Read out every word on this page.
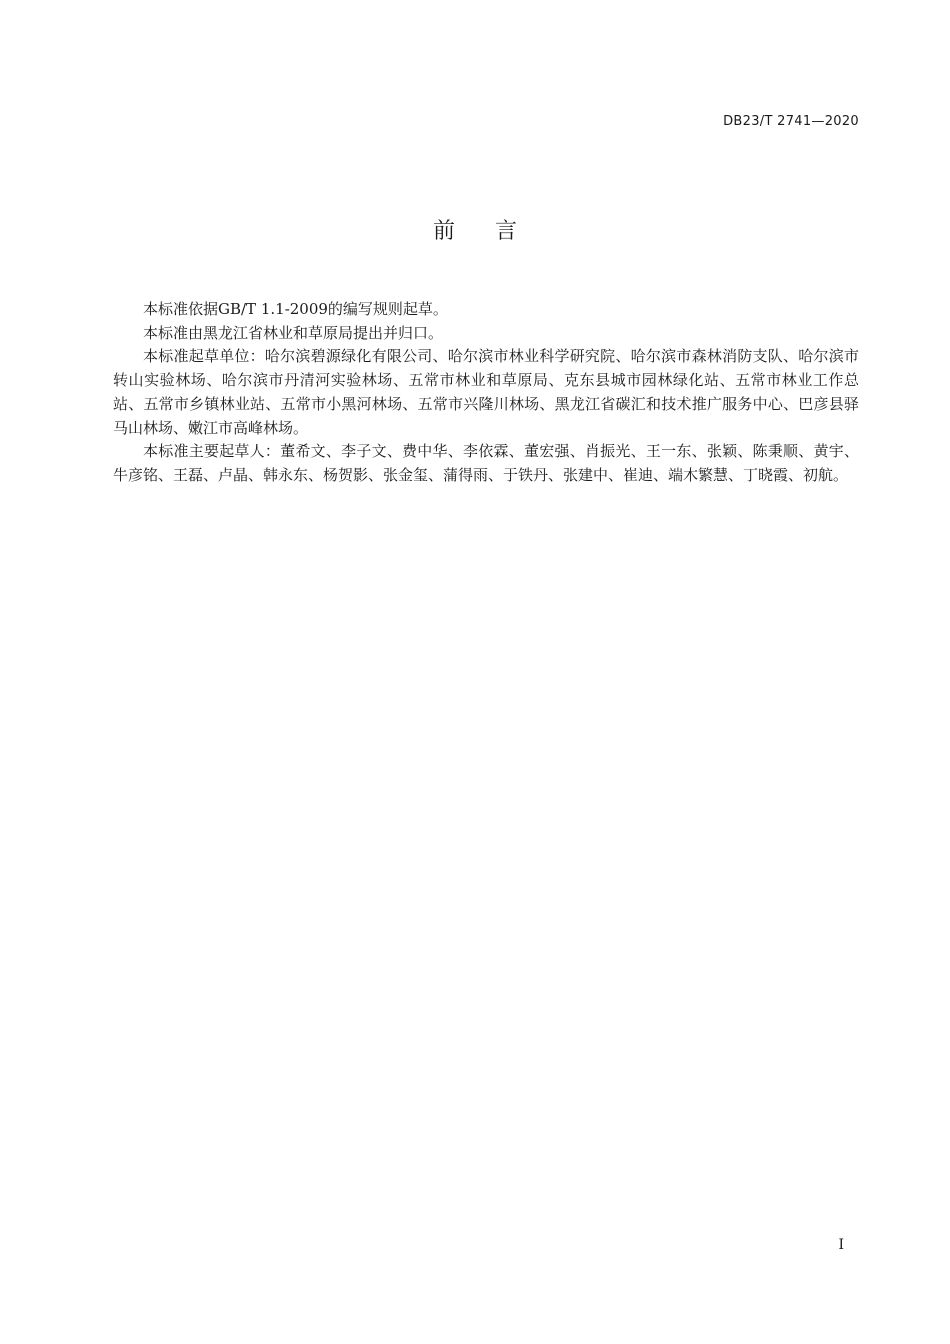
DB23/T 2741—2020
前言

本标准依据GB/T 1.1-2009的编写规则起草。

本标准由黑龙江省林业和草原局提出并归口。

本标准起草单位：哈尔滨碧源绿化有限公司、哈尔滨市林业科学研究院、哈尔滨市森林消防支队、哈尔滨市转山实验林场、哈尔滨市丹清河实验林场、五常市林业和草原局、克东县城市园林绿化站、五常市林业工作总站、五常市乡镇林业站、五常市小黑河林场、五常市兴隆川林场、黑龙江省碳汇和技术推广服务中心、巴彦县驿马山林场、嫩江市高峰林场。

本标准主要起草人：董希文、李子文、费中华、李依霖、董宏强、肖振光、王一东、张颖、陈秉顺、黄宇、牛彦铭、王磊、卢晶、韩永东、杨贺影、张金玺、蒲得雨、于铁丹、张建中、崔迪、端木繁慧、丁晓霞、初航。

I
